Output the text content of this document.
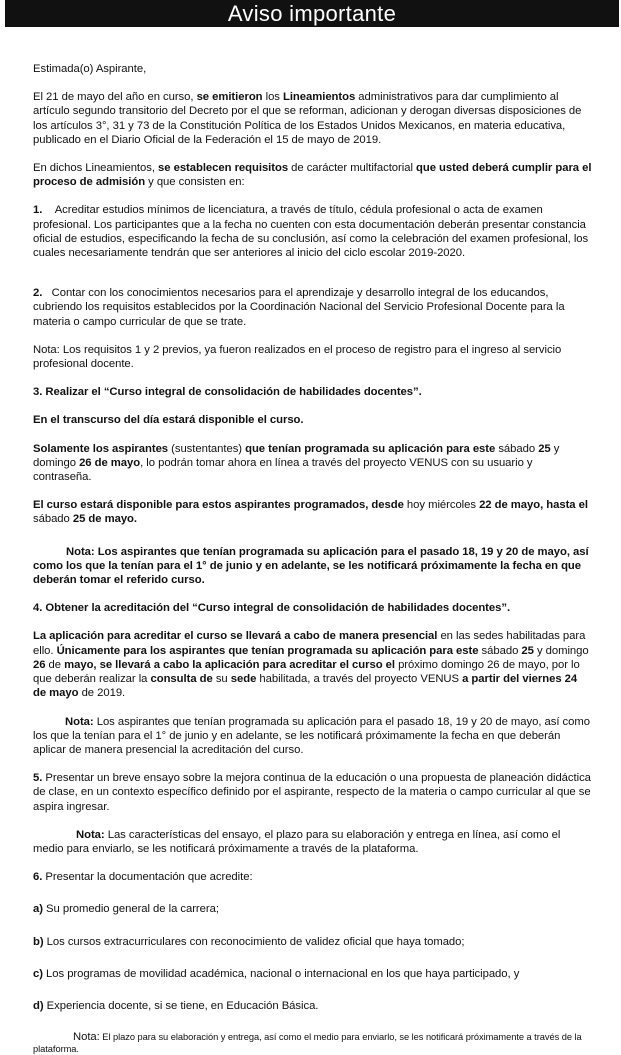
Aviso importante

Estimada(o) Aspirante,

El 21 de mayo del año en curso, se emitieron los Lineamientos administrativos para dar cumplimiento al artículo segundo transitorio del Decreto por el que se reforman, adicionan y derogan diversas disposiciones de los artículos 3°, 31 y 73 de la Constitución Política de los Estados Unidos Mexicanos, en materia educativa, publicado en el Diario Oficial de la Federación el 15 de mayo de 2019.

En dichos Lineamientos, se establecen requisitos de carácter multifactorial que usted deberá cumplir para el proceso de admisión y que consisten en:

1. Acreditar estudios mínimos de licenciatura, a través de título, cédula profesional o acta de examen profesional. Los participantes que a la fecha no cuenten con esta documentación deberán presentar constancia oficial de estudios, especificando la fecha de su conclusión, así como la celebración del examen profesional, los cuales necesariamente tendrán que ser anteriores al inicio del ciclo escolar 2019-2020.

2. Contar con los conocimientos necesarios para el aprendizaje y desarrollo integral de los educandos, cubriendo los requisitos establecidos por la Coordinación Nacional del Servicio Profesional Docente para la materia o campo curricular de que se trate.

Nota: Los requisitos 1 y 2 previos, ya fueron realizados en el proceso de registro para el ingreso al servicio profesional docente.

3. Realizar el “Curso integral de consolidación de habilidades docentes”.

En el transcurso del día estará disponible el curso.

Solamente los aspirantes (sustentantes) que tenían programada su aplicación para este sábado 25 y domingo 26 de mayo, lo podrán tomar ahora en línea a través del proyecto VENUS con su usuario y contraseña.

El curso estará disponible para estos aspirantes programados, desde hoy miércoles 22 de mayo, hasta el sábado 25 de mayo.

Nota: Los aspirantes que tenían programada su aplicación para el pasado 18, 19 y 20 de mayo, así como los que la tenían para el 1° de junio y en adelante, se les notificará próximamente la fecha en que deberán tomar el referido curso.

4. Obtener la acreditación del “Curso integral de consolidación de habilidades docentes”.

La aplicación para acreditar el curso se llevará a cabo de manera presencial en las sedes habilitadas para ello. Únicamente para los aspirantes que tenían programada su aplicación para este sábado 25 y domingo 26 de mayo, se llevará a cabo la aplicación para acreditar el curso el próximo domingo 26 de mayo, por lo que deberán realizar la consulta de su sede habilitada, a través del proyecto VENUS a partir del viernes 24 de mayo de 2019.

Nota: Los aspirantes que tenían programada su aplicación para el pasado 18, 19 y 20 de mayo, así como los que la tenían para el 1° de junio y en adelante, se les notificará próximamente la fecha en que deberán aplicar de manera presencial la acreditación del curso.

5. Presentar un breve ensayo sobre la mejora continua de la educación o una propuesta de planeación didáctica de clase, en un contexto específico definido por el aspirante, respecto de la materia o campo curricular al que se aspira ingresar.

Nota: Las características del ensayo, el plazo para su elaboración y entrega en línea, así como el medio para enviarlo, se les notificará próximamente a través de la plataforma.

6. Presentar la documentación que acredite:

a) Su promedio general de la carrera;

b) Los cursos extracurriculares con reconocimiento de validez oficial que haya tomado;

c) Los programas de movilidad académica, nacional o internacional en los que haya participado, y

d) Experiencia docente, si se tiene, en Educación Básica.

Nota: El plazo para su elaboración y entrega, así como el medio para enviarlo, se les notificará próximamente a través de la plataforma.
